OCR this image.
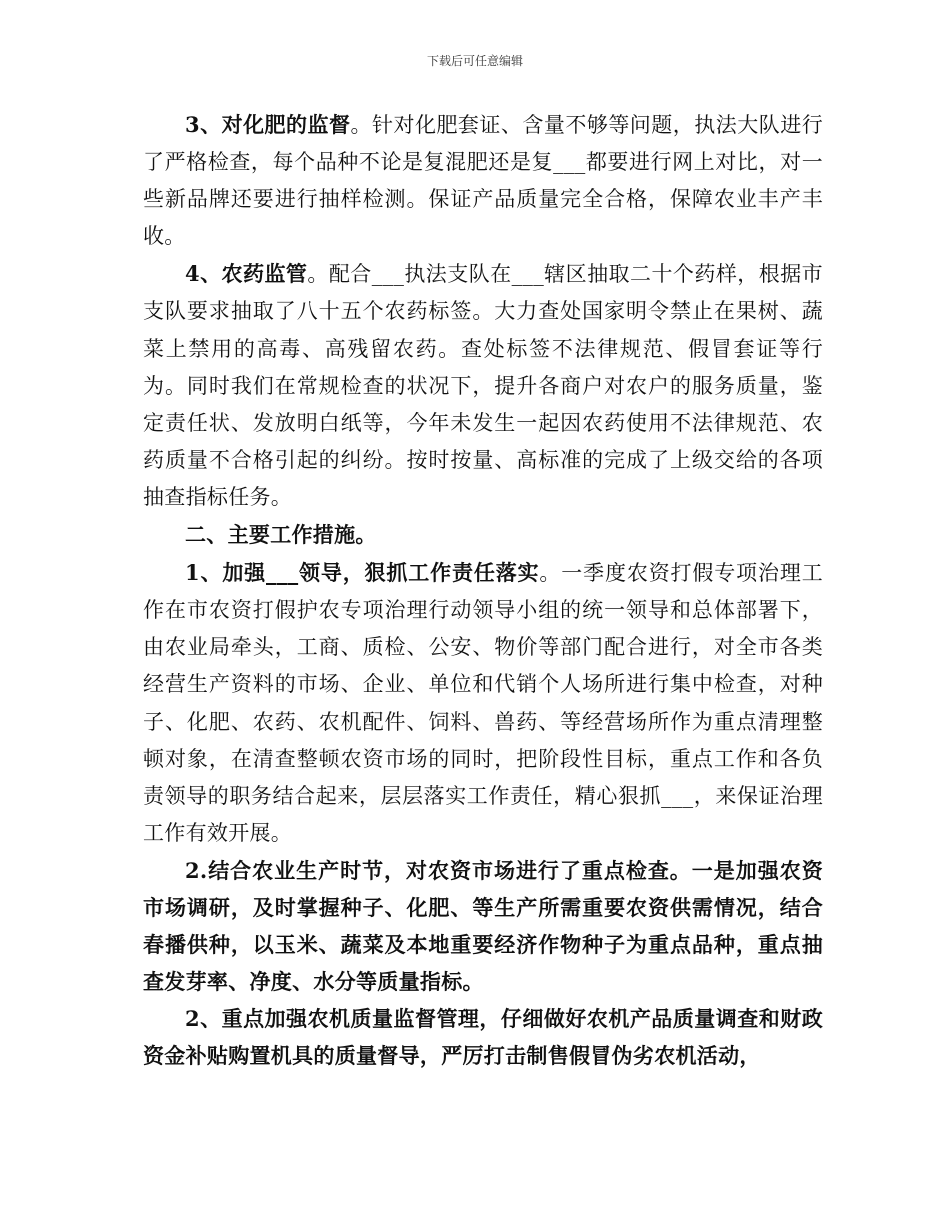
下载后可任意编辑

3、对化肥的监督。针对化肥套证、含量不够等问题，执法大队进行了严格检查，每个品种不论是复混肥还是复___都要进行网上对比，对一些新品牌还要进行抽样检测。保证产品质量完全合格，保障农业丰产丰收。

4、农药监管。配合___执法支队在___辖区抽取二十个药样，根据市支队要求抽取了八十五个农药标签。大力查处国家明令禁止在果树、蔬菜上禁用的高毒、高残留农药。查处标签不法律规范、假冒套证等行为。同时我们在常规检查的状况下，提升各商户对农户的服务质量，鉴定责任状、发放明白纸等，今年未发生一起因农药使用不法律规范、农药质量不合格引起的纠纷。按时按量、高标准的完成了上级交给的各项抽查指标任务。

二、主要工作措施。

1、加强___领导，狠抓工作责任落实。一季度农资打假专项治理工作在市农资打假护农专项治理行动领导小组的统一领导和总体部署下，由农业局牵头，工商、质检、公安、物价等部门配合进行，对全市各类经营生产资料的市场、企业、单位和代销个人场所进行集中检查，对种子、化肥、农药、农机配件、饲料、兽药、等经营场所作为重点清理整顿对象，在清查整顿农资市场的同时，把阶段性目标，重点工作和各负责领导的职务结合起来，层层落实工作责任，精心狠抓___，来保证治理工作有效开展。

2.结合农业生产时节，对农资市场进行了重点检查。一是加强农资市场调研，及时掌握种子、化肥、等生产所需重要农资供需情况，结合春播供种，以玉米、蔬菜及本地重要经济作物种子为重点品种，重点抽查发芽率、净度、水分等质量指标。

2、重点加强农机质量监督管理，仔细做好农机产品质量调查和财政资金补贴购置机具的质量督导，严厉打击制售假冒伪劣农机活动，
